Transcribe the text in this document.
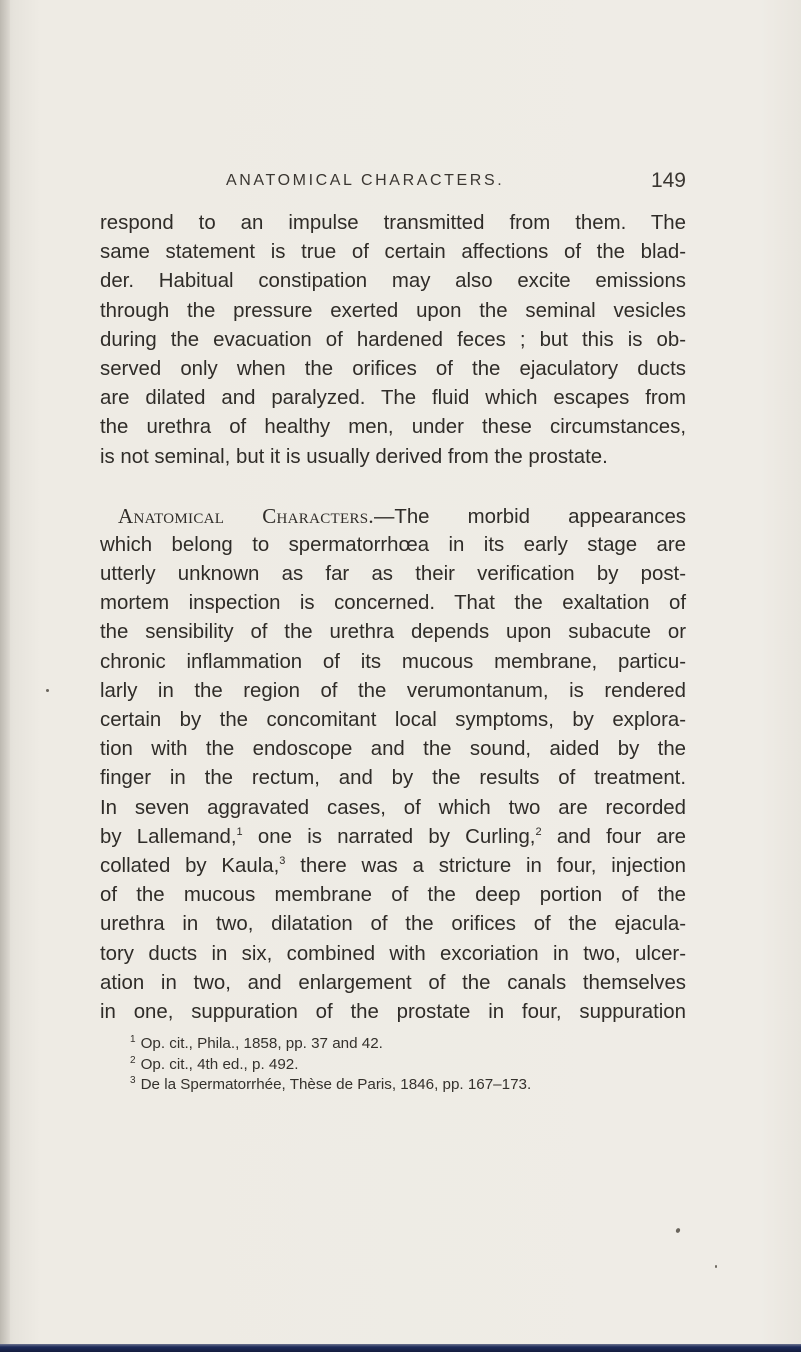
ANATOMICAL CHARACTERS.	149
respond to an impulse transmitted from them. The
same statement is true of certain affections of the blad-
der. Habitual constipation may also excite emissions
through the pressure exerted upon the seminal vesicles
during the evacuation of hardened feces ; but this is ob-
served only when the orifices of the ejaculatory ducts
are dilated and paralyzed. The fluid which escapes from
the urethra of healthy men, under these circumstances,
is not seminal, but it is usually derived from the prostate.
Anatomical Characters.—The morbid appearances
which belong to spermatorrhœa in its early stage are
utterly unknown as far as their verification by post-
mortem inspection is concerned. That the exaltation of
the sensibility of the urethra depends upon subacute or
chronic inflammation of its mucous membrane, particu-
larly in the region of the verumontanum, is rendered
certain by the concomitant local symptoms, by explora-
tion with the endoscope and the sound, aided by the
finger in the rectum, and by the results of treatment.
In seven aggravated cases, of which two are recorded
by Lallemand,$^1$ one is narrated by Curling,$^2$ and four are
collated by Kaula,$^3$ there was a stricture in four, injection
of the mucous membrane of the deep portion of the
urethra in two, dilatation of the orifices of the ejacula-
tory ducts in six, combined with excoriation in two, ulcer-
ation in two, and enlargement of the canals themselves
in one, suppuration of the prostate in four, suppuration
$^1$ Op. cit., Phila., 1858, pp. 37 and 42.
$^2$ Op. cit., 4th ed., p. 492.
$^3$ De la Spermatorrhée, Thèse de Paris, 1846, pp. 167–173.
